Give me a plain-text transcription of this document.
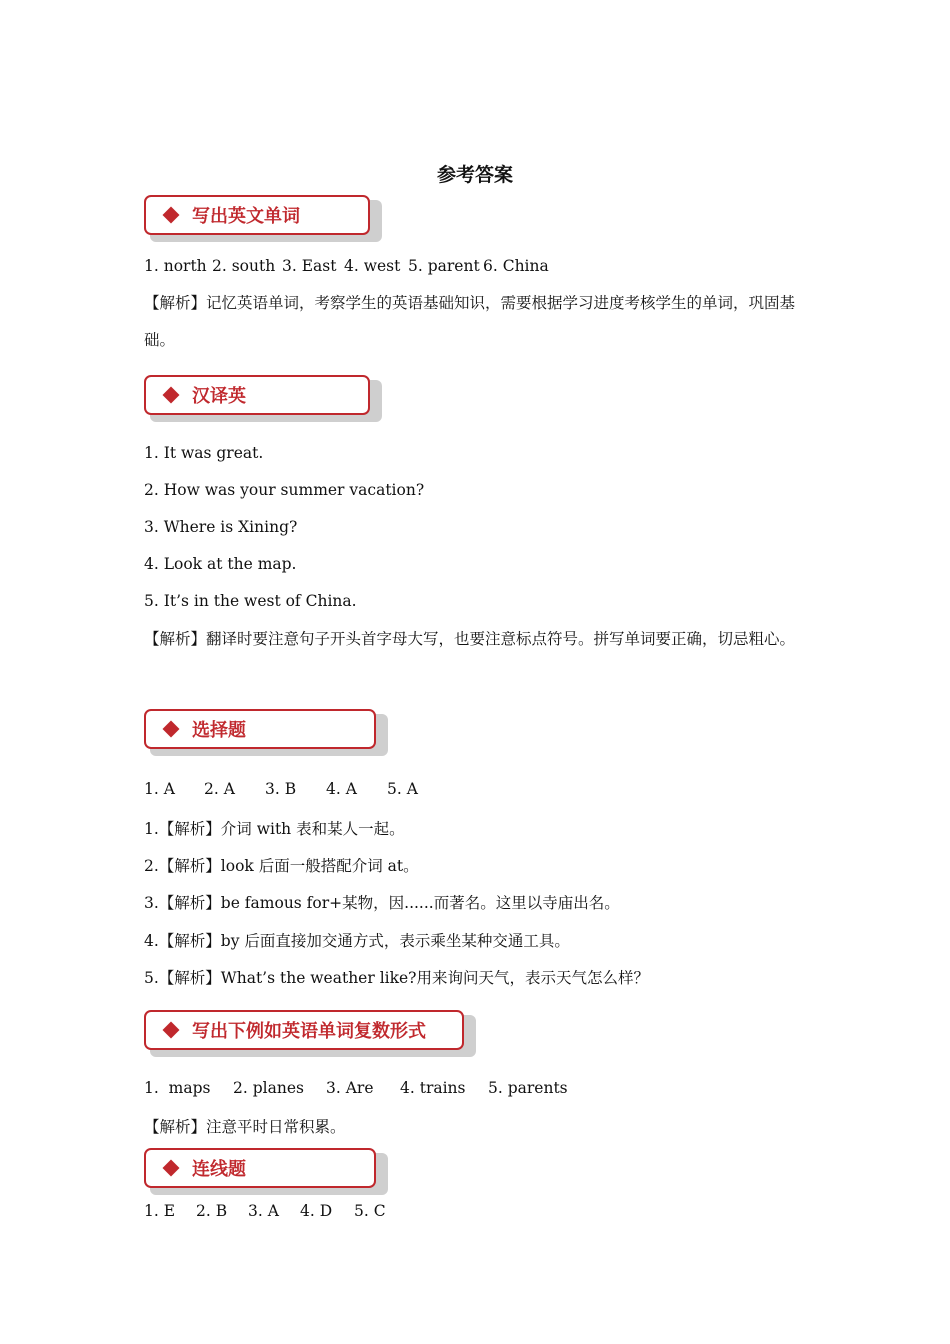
参考答案
写出英文单词
1. north 2. south 3. East 4. west 5. parent 6. China
【解析】记忆英语单词，考察学生的英语基础知识，需要根据学习进度考核学生的单词，巩固基础。
汉译英
1. It was great.
2. How was your summer vacation?
3. Where is Xining?
4. Look at the map.
5. It’s in the west of China.
【解析】翻译时要注意句子开头首字母大写，也要注意标点符号。拼写单词要正确，切忌粗心。
选择题
1. A 2. A 3. B 4. A 5. A
1.【解析】介词 with 表和某人一起。
2.【解析】look 后面一般搭配介词 at。
3.【解析】be famous for+某物，因......而著名。这里以寺庙出名。
4.【解析】by 后面直接加交通方式，表示乘坐某种交通工具。
5.【解析】What’s the weather like?用来询问天气，表示天气怎么样？
写出下例如英语单词复数形式
1.  maps 2. planes 3. Are 4. trains 5. parents
【解析】注意平时日常积累。
连线题
1. E 2. B 3. A 4. D 5. C
